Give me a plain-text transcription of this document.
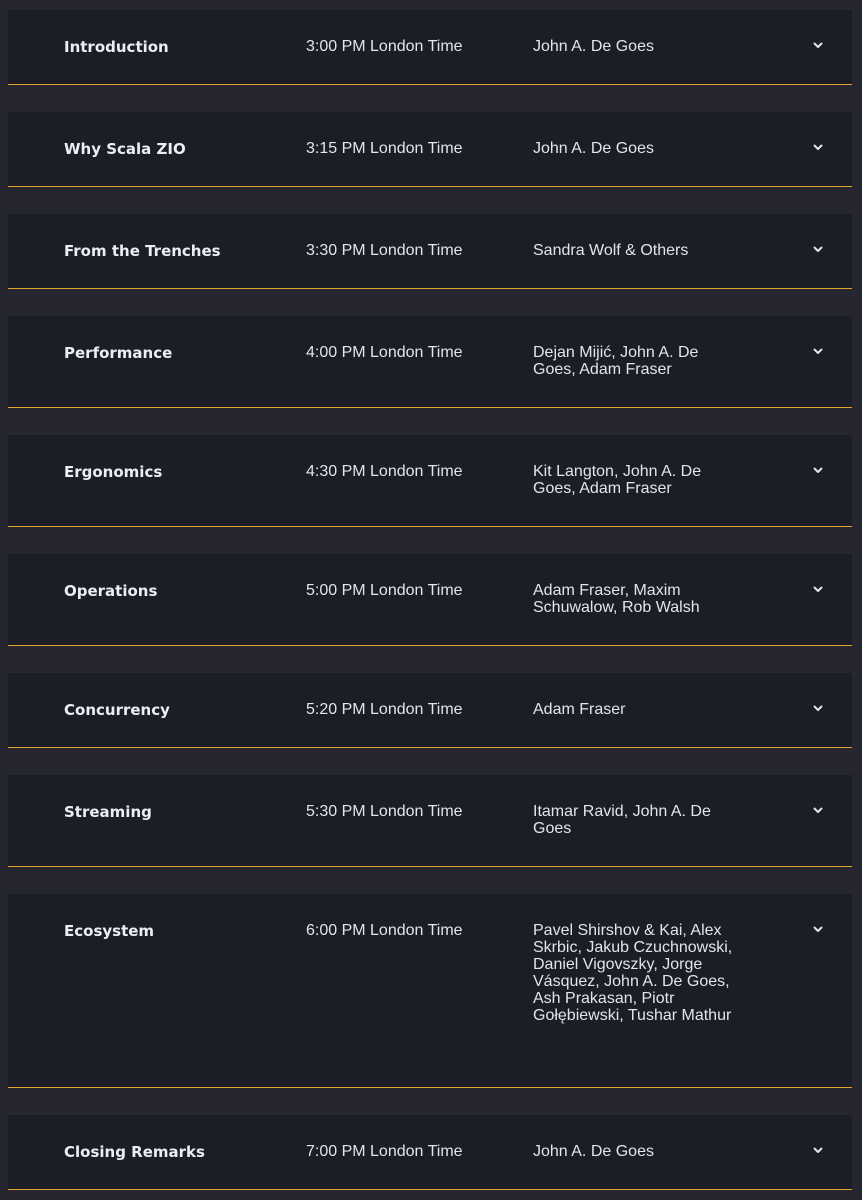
Introduction	3:00 PM London Time	John A. De Goes
Why Scala ZIO	3:15 PM London Time	John A. De Goes
From the Trenches	3:30 PM London Time	Sandra Wolf & Others
Performance	4:00 PM London Time	Dejan Mijić, John A. De Goes, Adam Fraser
Ergonomics	4:30 PM London Time	Kit Langton, John A. De Goes, Adam Fraser
Operations	5:00 PM London Time	Adam Fraser, Maxim Schuwalow, Rob Walsh
Concurrency	5:20 PM London Time	Adam Fraser
Streaming	5:30 PM London Time	Itamar Ravid, John A. De Goes
Ecosystem	6:00 PM London Time	Pavel Shirshov & Kai, Alex Skrbic, Jakub Czuchnowski, Daniel Vigovszky, Jorge Vásquez, John A. De Goes, Ash Prakasan, Piotr Gołębiewski, Tushar Mathur
Closing Remarks	7:00 PM London Time	John A. De Goes
